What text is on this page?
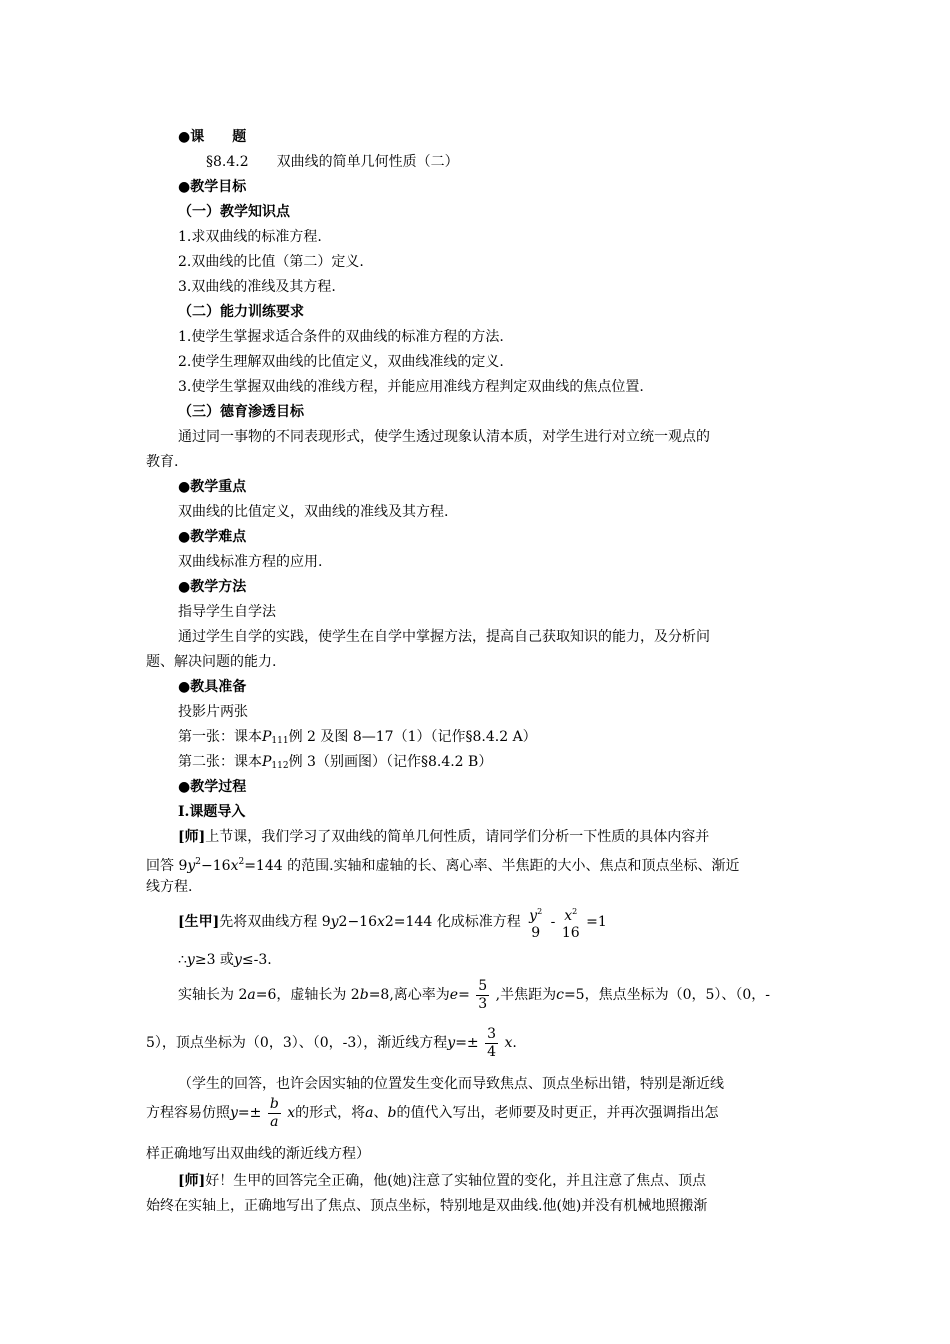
●课　　题
§8.4.2　　双曲线的简单几何性质（二）
●教学目标
（一）教学知识点
1.求双曲线的标准方程.
2.双曲线的比值（第二）定义.
3.双曲线的准线及其方程.
（二）能力训练要求
1.使学生掌握求适合条件的双曲线的标准方程的方法.
2.使学生理解双曲线的比值定义，双曲线准线的定义.
3.使学生掌握双曲线的准线方程，并能应用准线方程判定双曲线的焦点位置.
（三）德育渗透目标
通过同一事物的不同表现形式，使学生透过现象认清本质，对学生进行对立统一观点的
教育.
●教学重点
双曲线的比值定义，双曲线的准线及其方程.
●教学难点
双曲线标准方程的应用.
●教学方法
指导学生自学法
通过学生自学的实践，使学生在自学中掌握方法，提高自己获取知识的能力，及分析问
题、解决问题的能力.
●教具准备
投影片两张
第一张：课本$P_{111}$例 2 及图 8—17（1）（记作§8.4.2 A）
第二张：课本$P_{112}$例 3（别画图）（记作§8.4.2 B）
●教学过程
Ⅰ.课题导入
[师]上节课，我们学习了双曲线的简单几何性质，请同学们分析一下性质的具体内容并
回答 $9y^2-16x^2=144$ 的范围.实轴和虚轴的长、离心率、半焦距的大小、焦点和顶点坐标、渐近
线方程.
[生甲]先将双曲线方程 9y2−16x2=144 化成标准方程 $y^2$
9
- $x^2$
16
=1
∴y≥3 或y≤-3.
实轴长为 2a=6，虚轴长为 2b=8,离心率为$e= \frac{5}{3}$ ,半焦距为c=5，焦点坐标为（0，5）、（0，-
5），顶点坐标为（0，3）、（0，-3），渐近线方程$y=\pm \frac{3}{4} x$.
（学生的回答，也许会因实轴的位置发生变化而导致焦点、顶点坐标出错，特别是渐近线
方程容易仿照$y=\pm \frac{b}{a}$ x的形式，将a、b的值代入写出，老师要及时更正，并再次强调指出怎
样正确地写出双曲线的渐近线方程）
[师]好！生甲的回答完全正确，他(她)注意了实轴位置的变化，并且注意了焦点、顶点
始终在实轴上，正确地写出了焦点、顶点坐标，特别地是双曲线.他(她)并没有机械地照搬渐
